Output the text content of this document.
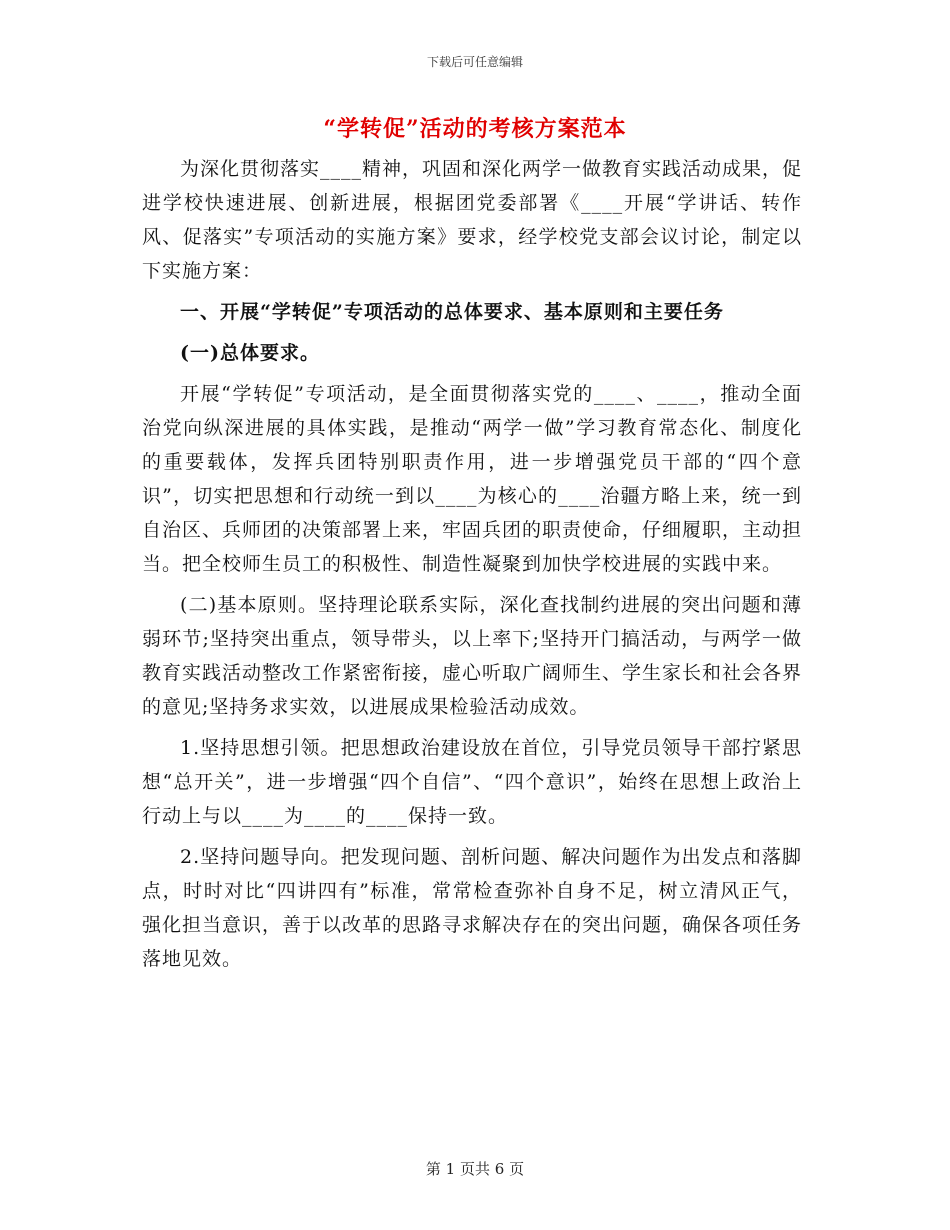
下载后可任意编辑
“学转促”活动的考核方案范本

为深化贯彻落实____精神，巩固和深化两学一做教育实践活动成果，促进学校快速进展、创新进展，根据团党委部署《____开展“学讲话、转作风、促落实”专项活动的实施方案》要求，经学校党支部会议讨论，制定以下实施方案：

一、开展“学转促”专项活动的总体要求、基本原则和主要任务

(一)总体要求。

开展“学转促”专项活动，是全面贯彻落实党的____、____，推动全面治党向纵深进展的具体实践，是推动“两学一做”学习教育常态化、制度化的重要载体，发挥兵团特别职责作用，进一步增强党员干部的“四个意识”，切实把思想和行动统一到以____为核心的____治疆方略上来，统一到自治区、兵师团的决策部署上来，牢固兵团的职责使命，仔细履职，主动担当。把全校师生员工的积极性、制造性凝聚到加快学校进展的实践中来。

(二)基本原则。坚持理论联系实际，深化查找制约进展的突出问题和薄弱环节;坚持突出重点，领导带头，以上率下;坚持开门搞活动，与两学一做教育实践活动整改工作紧密衔接，虚心听取广阔师生、学生家长和社会各界的意见;坚持务求实效，以进展成果检验活动成效。

1.坚持思想引领。把思想政治建设放在首位，引导党员领导干部拧紧思想“总开关”，进一步增强“四个自信”、“四个意识”，始终在思想上政治上行动上与以____为____的____保持一致。

2.坚持问题导向。把发现问题、剖析问题、解决问题作为出发点和落脚点，时时对比“四讲四有”标准，常常检查弥补自身不足，树立清风正气，强化担当意识，善于以改革的思路寻求解决存在的突出问题，确保各项任务落地见效。

第 1 页共 6 页
